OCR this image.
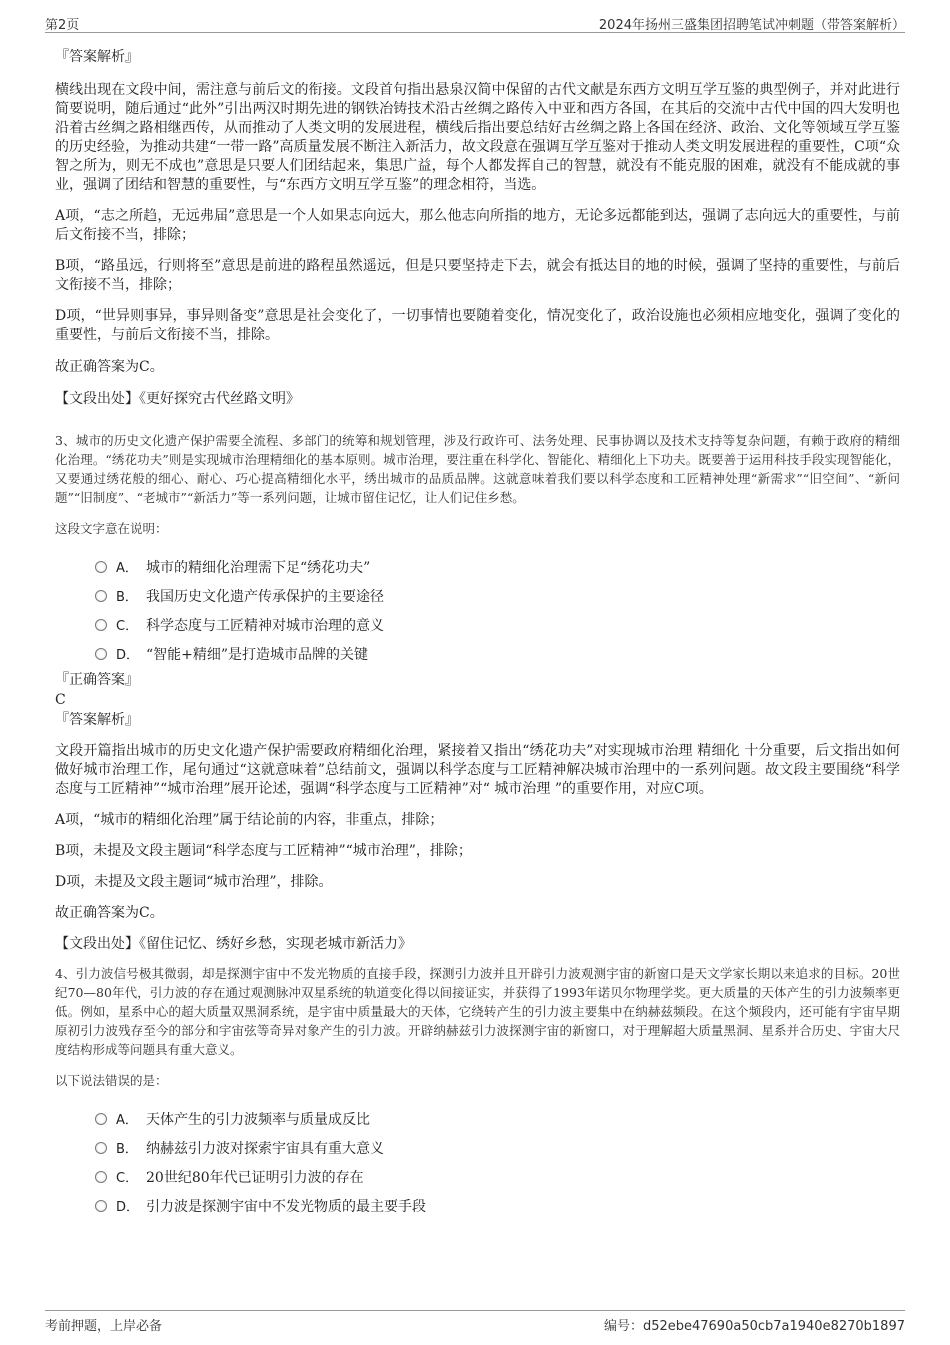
第2页	2024年扬州三盛集团招聘笔试冲刺题（带答案解析）

『答案解析』

横线出现在文段中间，需注意与前后文的衔接。文段首句指出悬泉汉简中保留的古代文献是东西方文明互学互鉴的典型例子，并对此进行简要说明，随后通过“此外”引出两汉时期先进的钢铁冶铸技术沿古丝绸之路传入中亚和西方各国，在其后的交流中古代中国的四大发明也沿着古丝绸之路相继西传，从而推动了人类文明的发展进程，横线后指出要总结好古丝绸之路上各国在经济、政治、文化等领域互学互鉴的历史经验，为推动共建“一带一路”高质量发展不断注入新活力，故文段意在强调互学互鉴对于推动人类文明发展进程的重要性，C项“众智之所为，则无不成也”意思是只要人们团结起来，集思广益，每个人都发挥自己的智慧，就没有不能克服的困难，就没有不能成就的事业，强调了团结和智慧的重要性，与“东西方文明互学互鉴”的理念相符，当选。

A项，“志之所趋，无远弗届”意思是一个人如果志向远大，那么他志向所指的地方，无论多远都能到达，强调了志向远大的重要性，与前后文衔接不当，排除；

B项，“路虽远，行则将至”意思是前进的路程虽然遥远，但是只要坚持走下去，就会有抵达目的地的时候，强调了坚持的重要性，与前后文衔接不当，排除；

D项，“世异则事异，事异则备变”意思是社会变化了，一切事情也要随着变化，情况变化了，政治设施也必须相应地变化，强调了变化的重要性，与前后文衔接不当，排除。

故正确答案为C。

【文段出处】《更好探究古代丝路文明》

3、城市的历史文化遗产保护需要全流程、多部门的统筹和规划管理，涉及行政许可、法务处理、民事协调以及技术支持等复杂问题，有赖于政府的精细化治理。“绣花功夫”则是实现城市治理精细化的基本原则。城市治理，要注重在科学化、智能化、精细化上下功夫。既要善于运用科技手段实现智能化，又要通过绣花般的细心、耐心、巧心提高精细化水平，绣出城市的品质品牌。这就意味着我们要以科学态度和工匠精神处理“新需求”“旧空间”、“新问题”“旧制度”、“老城市”“新活力”等一系列问题，让城市留住记忆，让人们记住乡愁。

这段文字意在说明：

A． 城市的精细化治理需下足“绣花功夫”
B． 我国历史文化遗产传承保护的主要途径
C． 科学态度与工匠精神对城市治理的意义
D． “智能+精细”是打造城市品牌的关键

『正确答案』

C

『答案解析』

文段开篇指出城市的历史文化遗产保护需要政府精细化治理，紧接着又指出“绣花功夫”对实现城市治理 精细化 十分重要，后文指出如何做好城市治理工作，尾句通过“这就意味着”总结前文，强调以科学态度与工匠精神解决城市治理中的一系列问题。故文段主要围绕“科学态度与工匠精神”“城市治理”展开论述，强调“科学态度与工匠精神”对“ 城市治理 ”的重要作用，对应C项。

A项，“城市的精细化治理”属于结论前的内容，非重点，排除；

B项，未提及文段主题词“科学态度与工匠精神”“城市治理”，排除；

D项，未提及文段主题词“城市治理”，排除。

故正确答案为C。

【文段出处】《留住记忆、绣好乡愁，实现老城市新活力》

4、引力波信号极其微弱，却是探测宇宙中不发光物质的直接手段，探测引力波并且开辟引力波观测宇宙的新窗口是天文学家长期以来追求的目标。20世纪70—80年代，引力波的存在通过观测脉冲双星系统的轨道变化得以间接证实，并获得了1993年诺贝尔物理学奖。更大质量的天体产生的引力波频率更低。例如，星系中心的超大质量双黑洞系统，是宇宙中质量最大的天体，它绕转产生的引力波主要集中在纳赫兹频段。在这个频段内，还可能有宇宙早期原初引力波残存至今的部分和宇宙弦等奇异对象产生的引力波。开辟纳赫兹引力波探测宇宙的新窗口，对于理解超大质量黑洞、星系并合历史、宇宙大尺度结构形成等问题具有重大意义。

以下说法错误的是：

A． 天体产生的引力波频率与质量成反比
B． 纳赫兹引力波对探索宇宙具有重大意义
C． 20世纪80年代已证明引力波的存在
D． 引力波是探测宇宙中不发光物质的最主要手段
考前押题，上岸必备	编号：d52ebe47690a50cb7a1940e8270b1897
